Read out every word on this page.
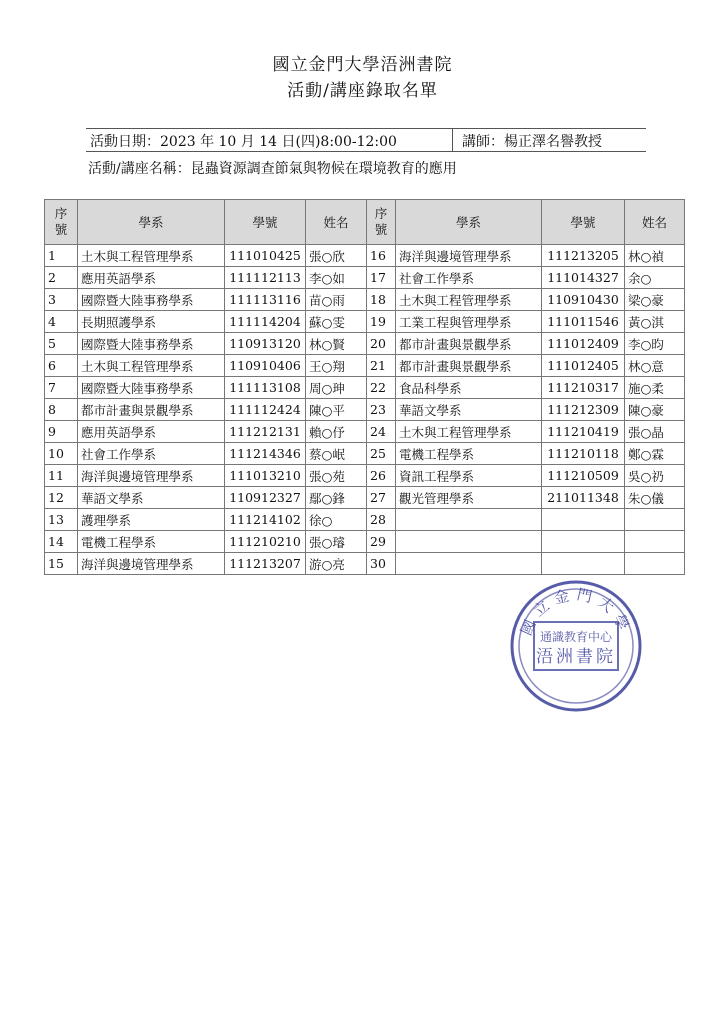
國立金門大學浯洲書院
活動/講座錄取名單
活動日期：2023 年 10 月 14 日(四)8:00-12:00	講師：楊正澤名譽教授
活動/講座名稱：昆蟲資源調查節氣與物候在環境教育的應用
序
號	學系	學號	姓名	序
號	學系	學號	姓名
1	土木與工程管理學系	111010425	張○欣	16	海洋與邊境管理學系	111213205	林○禎
2	應用英語學系	111112113	李○如	17	社會工作學系	111014327	余○
3	國際暨大陸事務學系	111113116	苗○雨	18	土木與工程管理學系	110910430	梁○豪
4	長期照護學系	111114204	蘇○雯	19	工業工程與管理學系	111011546	黃○淇
5	國際暨大陸事務學系	110913120	林○賢	20	都市計畫與景觀學系	111012409	李○昀
6	土木與工程管理學系	110910406	王○翔	21	都市計畫與景觀學系	111012405	林○意
7	國際暨大陸事務學系	111113108	周○珅	22	食品科學系	111210317	施○柔
8	都市計畫與景觀學系	111112424	陳○平	23	華語文學系	111212309	陳○豪
9	應用英語學系	111212131	賴○伃	24	土木與工程管理學系	111210419	張○晶
10	社會工作學系	111214346	蔡○岷	25	電機工程學系	111210118	鄭○霖
11	海洋與邊境管理學系	111013210	張○苑	26	資訊工程學系	111210509	吳○礽
12	華語文學系	110912327	鄢○鋒	27	觀光管理學系	211011348	朱○儀
13	護理學系	111214102	徐○	28			
14	電機工程學系	111210210	張○璿	29			
15	海洋與邊境管理學系	111213207	游○亮	30			
國立金門大學
通識教育中心
浯洲書院
